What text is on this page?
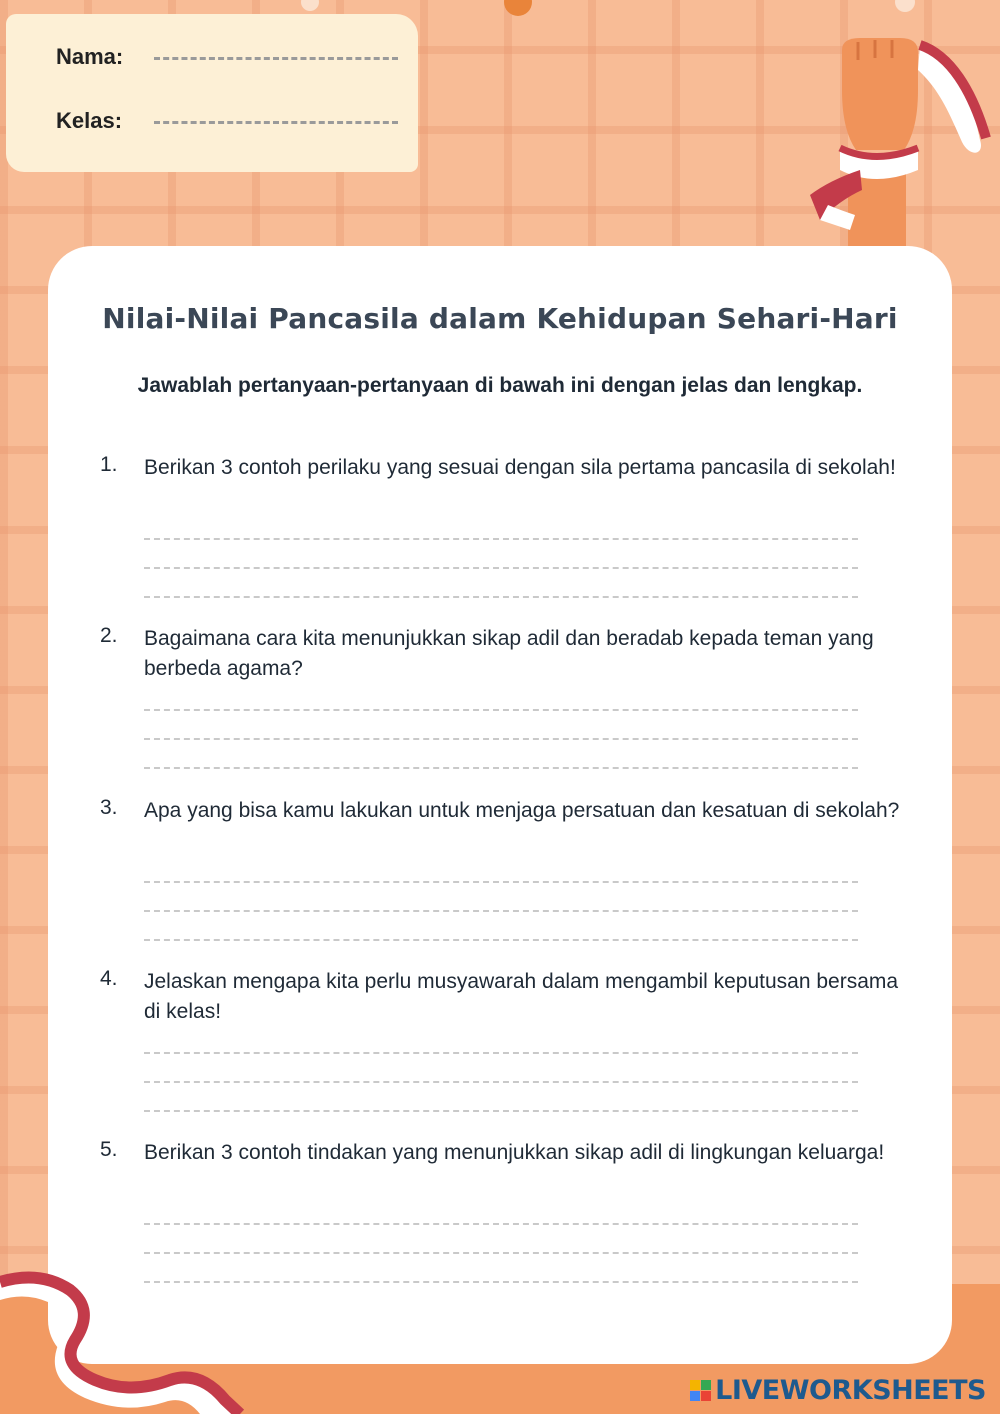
Nama:
Kelas:
Nilai-Nilai Pancasila dalam Kehidupan Sehari-Hari

Jawablah pertanyaan-pertanyaan di bawah ini dengan jelas dan lengkap.

1. Berikan 3 contoh perilaku yang sesuai dengan sila pertama pancasila di sekolah!
2. Bagaimana cara kita menunjukkan sikap adil dan beradab kepada teman yang berbeda agama?
3. Apa yang bisa kamu lakukan untuk menjaga persatuan dan kesatuan di sekolah?
4. Jelaskan mengapa kita perlu musyawarah dalam mengambil keputusan bersama di kelas!
5. Berikan 3 contoh tindakan yang menunjukkan sikap adil di lingkungan keluarga!
LIVEWORKSHEETS
